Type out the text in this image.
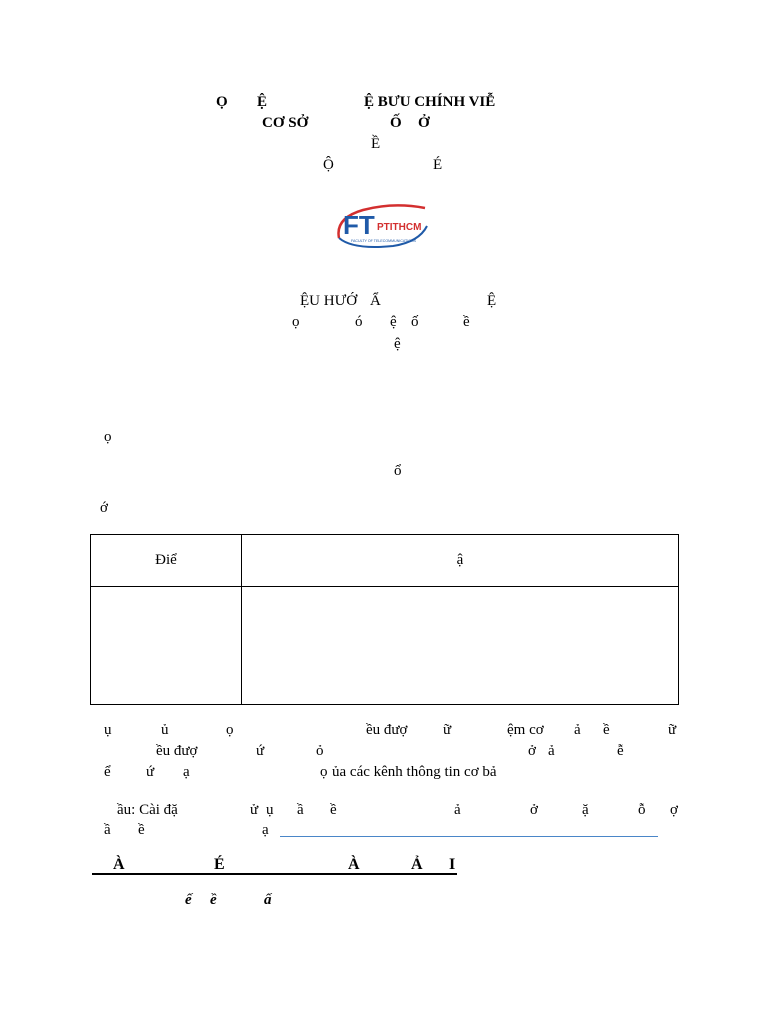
Ọ Ệ	Ệ BƯU CHÍNH VIỄ
CƠ SỞ	Ố Ở
Ề
Ộ	É
FT PTITHCM
FACULTY OF TELECOMMUNICATIONS
ỆU HƯỚ Ẩ	Ệ
ọ	ó ệ ố	ề
ệ
ọ
ổ
ớ
Điể	ậ

ụ	ủ	ọ	ều đượ ữ	ệm cơ ả ề	ữ
ều đượ	ứ	ỏ	ở ả	ễ
ể ứ ạ	ọ ủa các kênh thông tin cơ bả
ầu: Cài đặ	ử ụ ầ ề	ả	ở	ặ	ỗ ợ
ầ ề	ạ
À	É	À	Ả I
ế ề	ấ
